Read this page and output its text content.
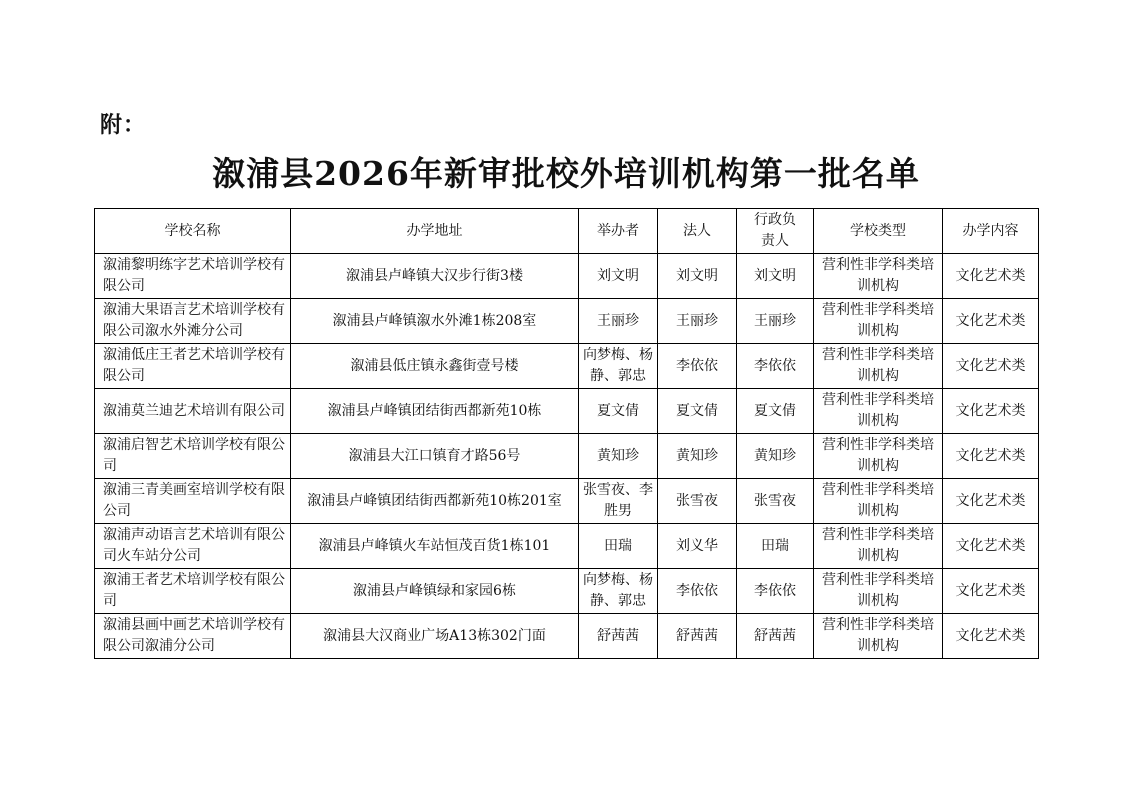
附：
溆浦县2026年新审批校外培训机构第一批名单
学校名称	办学地址	举办者	法人	行政负责人	学校类型	办学内容
溆浦黎明练字艺术培训学校有限公司	溆浦县卢峰镇大汉步行街3楼	刘文明	刘文明	刘文明	营利性非学科类培训机构	文化艺术类
溆浦大果语言艺术培训学校有限公司溆水外滩分公司	溆浦县卢峰镇溆水外滩1栋208室	王丽珍	王丽珍	王丽珍	营利性非学科类培训机构	文化艺术类
溆浦低庄王者艺术培训学校有限公司	溆浦县低庄镇永鑫街壹号楼	向梦梅、杨静、郭忠	李依依	李依依	营利性非学科类培训机构	文化艺术类
溆浦莫兰迪艺术培训有限公司	溆浦县卢峰镇团结街西都新苑10栋	夏文倩	夏文倩	夏文倩	营利性非学科类培训机构	文化艺术类
溆浦启智艺术培训学校有限公司	溆浦县大江口镇育才路56号	黄知珍	黄知珍	黄知珍	营利性非学科类培训机构	文化艺术类
溆浦三青美画室培训学校有限公司	溆浦县卢峰镇团结街西都新苑10栋201室	张雪夜、李胜男	张雪夜	张雪夜	营利性非学科类培训机构	文化艺术类
溆浦声动语言艺术培训有限公司火车站分公司	溆浦县卢峰镇火车站恒茂百货1栋101	田瑞	刘义华	田瑞	营利性非学科类培训机构	文化艺术类
溆浦王者艺术培训学校有限公司	溆浦县卢峰镇绿和家园6栋	向梦梅、杨静、郭忠	李依依	李依依	营利性非学科类培训机构	文化艺术类
溆浦县画中画艺术培训学校有限公司溆浦分公司	溆浦县大汉商业广场A13栋302门面	舒茜茜	舒茜茜	舒茜茜	营利性非学科类培训机构	文化艺术类
